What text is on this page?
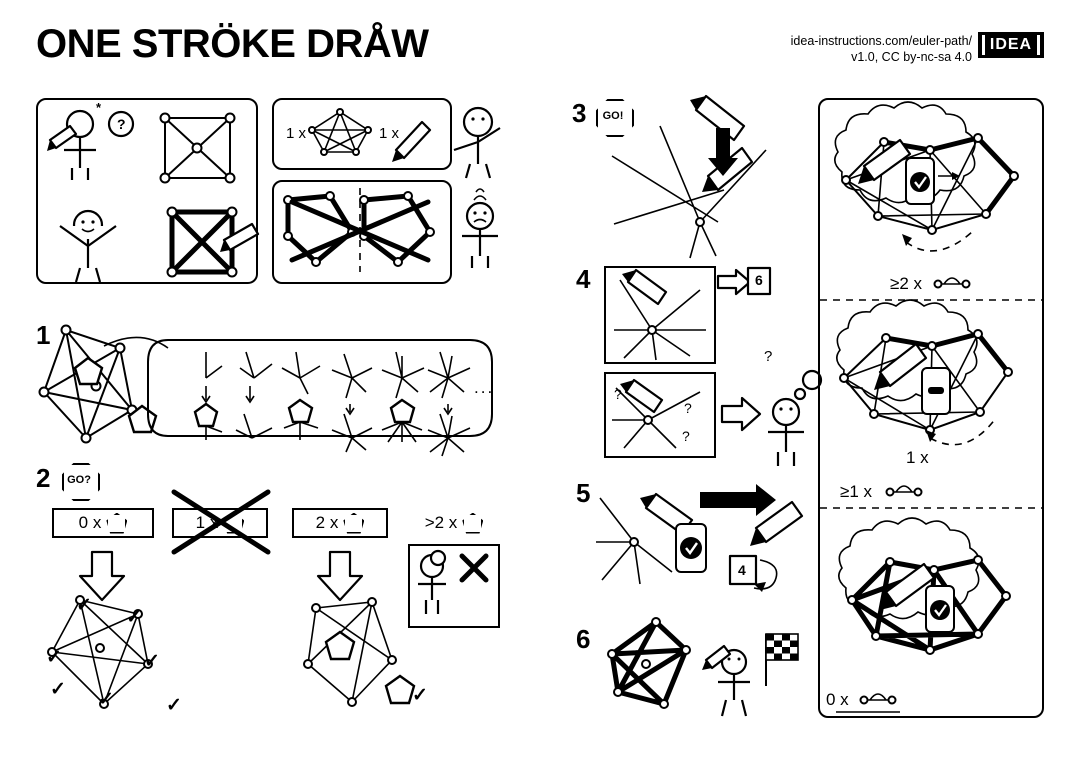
ONE STRÖKE DRÅW	idea-instructions.com/euler-path/
v1.0, CC by-nc-sa 4.0
IDEA
*
?
1 x	1 x
1
...
2 GO?
0 x	1 x	2 x	>2 x
✓
✓
✓	✓
✓ ✓	✓	✓
3 GO!
4
?
?
?
?
6
5
4
6
≥2 x
1 x
≥1 x
0 x
